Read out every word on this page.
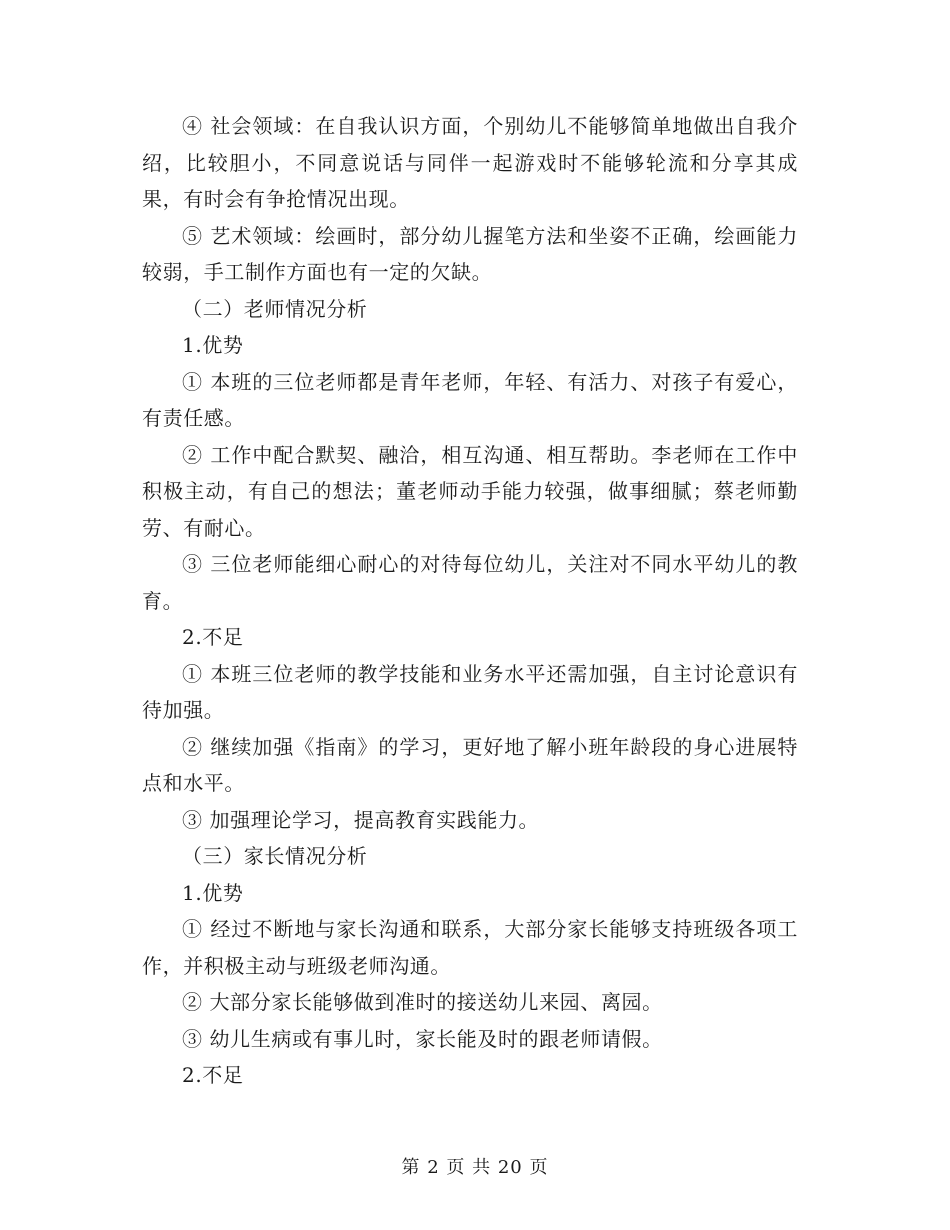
④ 社会领域：在自我认识方面，个别幼儿不能够简单地做出自我介绍，比较胆小，不同意说话与同伴一起游戏时不能够轮流和分享其成果，有时会有争抢情况出现。

⑤ 艺术领域：绘画时，部分幼儿握笔方法和坐姿不正确，绘画能力较弱，手工制作方面也有一定的欠缺。

（二）老师情况分析

1.优势

① 本班的三位老师都是青年老师，年轻、有活力、对孩子有爱心，有责任感。

② 工作中配合默契、融洽，相互沟通、相互帮助。李老师在工作中积极主动，有自己的想法；董老师动手能力较强，做事细腻；蔡老师勤劳、有耐心。

③ 三位老师能细心耐心的对待每位幼儿，关注对不同水平幼儿的教育。

2.不足

① 本班三位老师的教学技能和业务水平还需加强，自主讨论意识有待加强。

② 继续加强《指南》的学习，更好地了解小班年龄段的身心进展特点和水平。

③ 加强理论学习，提高教育实践能力。

（三）家长情况分析

1.优势

① 经过不断地与家长沟通和联系，大部分家长能够支持班级各项工作，并积极主动与班级老师沟通。

② 大部分家长能够做到准时的接送幼儿来园、离园。

③ 幼儿生病或有事儿时，家长能及时的跟老师请假。

2.不足

第 2 页 共 20 页
